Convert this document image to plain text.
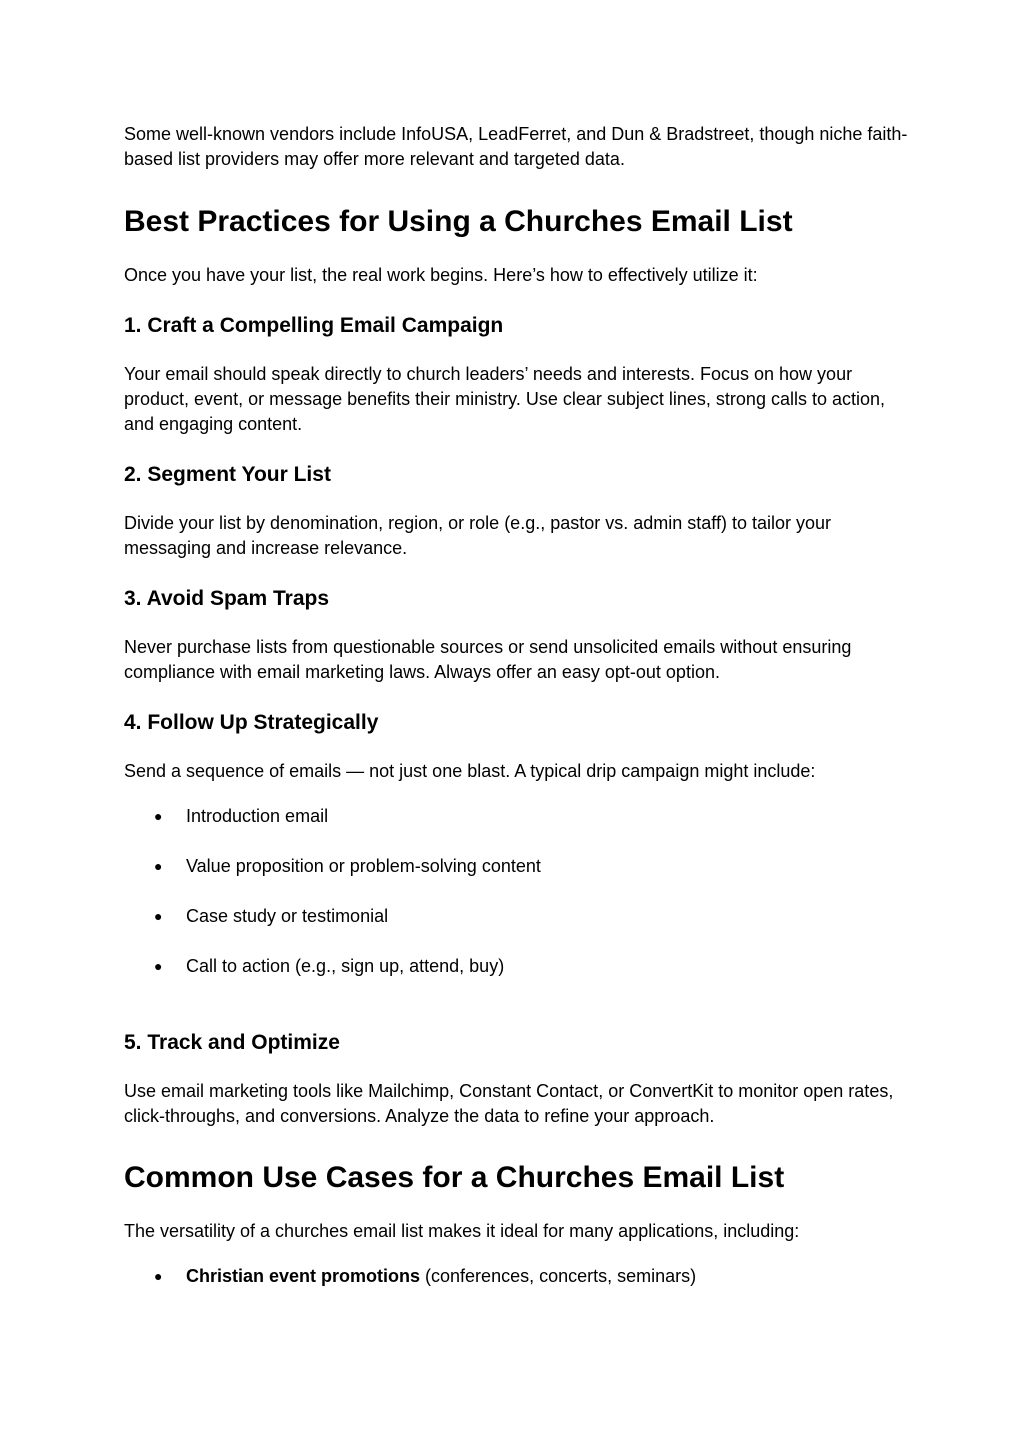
Some well-known vendors include InfoUSA, LeadFerret, and Dun & Bradstreet, though niche faith-based list providers may offer more relevant and targeted data.

Best Practices for Using a Churches Email List

Once you have your list, the real work begins. Here’s how to effectively utilize it:

1. Craft a Compelling Email Campaign

Your email should speak directly to church leaders’ needs and interests. Focus on how your product, event, or message benefits their ministry. Use clear subject lines, strong calls to action, and engaging content.

2. Segment Your List

Divide your list by denomination, region, or role (e.g., pastor vs. admin staff) to tailor your messaging and increase relevance.

3. Avoid Spam Traps

Never purchase lists from questionable sources or send unsolicited emails without ensuring compliance with email marketing laws. Always offer an easy opt-out option.

4. Follow Up Strategically

Send a sequence of emails — not just one blast. A typical drip campaign might include:

● Introduction email
● Value proposition or problem-solving content
● Case study or testimonial
● Call to action (e.g., sign up, attend, buy)
5. Track and Optimize

Use email marketing tools like Mailchimp, Constant Contact, or ConvertKit to monitor open rates, click-throughs, and conversions. Analyze the data to refine your approach.

Common Use Cases for a Churches Email List

The versatility of a churches email list makes it ideal for many applications, including:

● Christian event promotions (conferences, concerts, seminars)
